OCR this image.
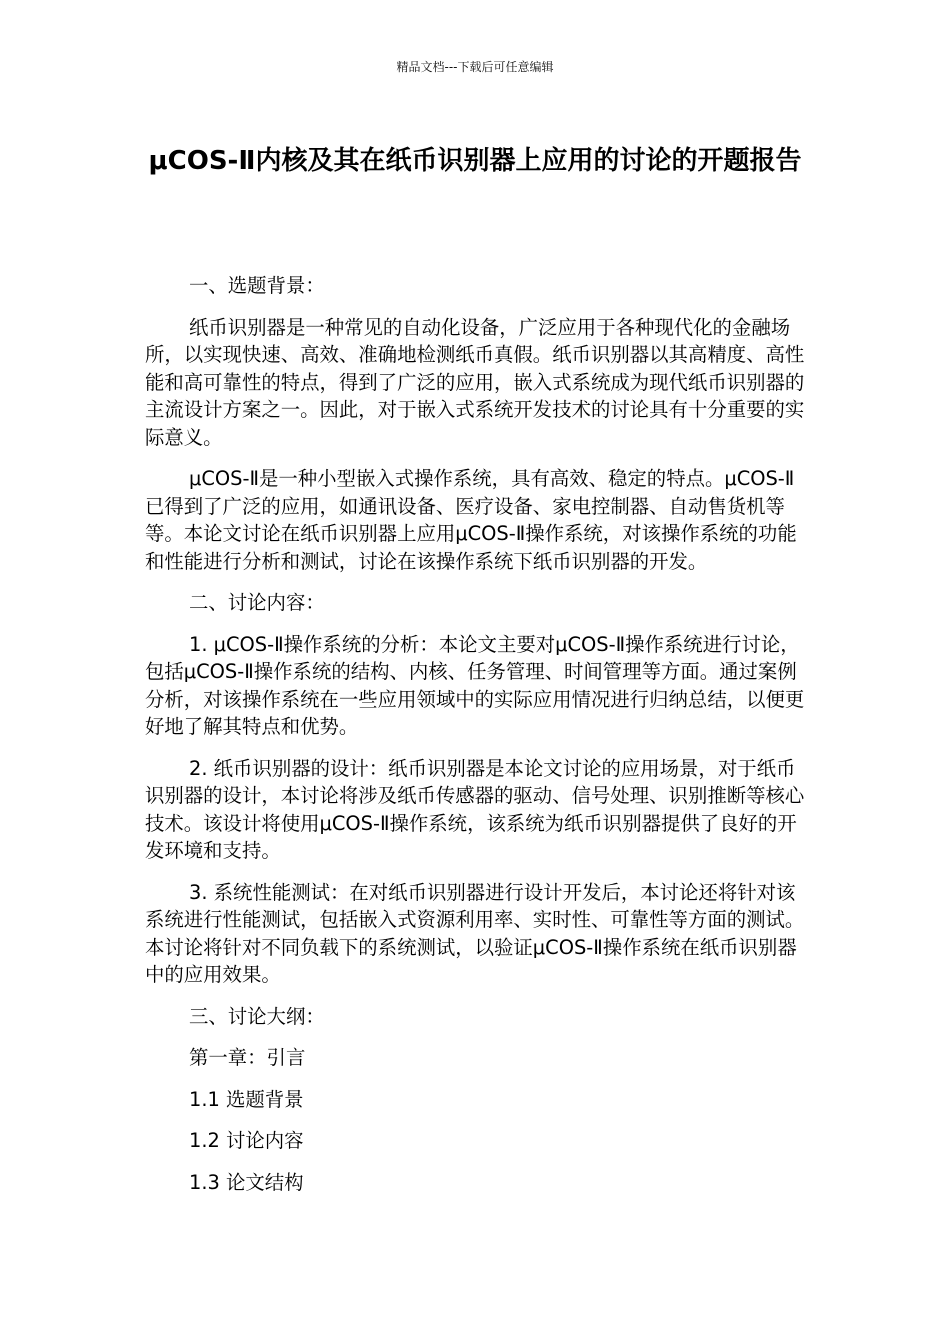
精品文档---下载后可任意编辑
μCOS-Ⅱ内核及其在纸币识别器上应用的讨论的开题报告

一、选题背景：

纸币识别器是一种常见的自动化设备，广泛应用于各种现代化的金融场所，以实现快速、高效、准确地检测纸币真假。纸币识别器以其高精度、高性能和高可靠性的特点，得到了广泛的应用，嵌入式系统成为现代纸币识别器的主流设计方案之一。因此，对于嵌入式系统开发技术的讨论具有十分重要的实际意义。

μCOS-Ⅱ是一种小型嵌入式操作系统，具有高效、稳定的特点。μCOS-Ⅱ已得到了广泛的应用，如通讯设备、医疗设备、家电控制器、自动售货机等等。本论文讨论在纸币识别器上应用μCOS-Ⅱ操作系统，对该操作系统的功能和性能进行分析和测试，讨论在该操作系统下纸币识别器的开发。

二、讨论内容：

1. μCOS-Ⅱ操作系统的分析：本论文主要对μCOS-Ⅱ操作系统进行讨论，包括μCOS-Ⅱ操作系统的结构、内核、任务管理、时间管理等方面。通过案例分析，对该操作系统在一些应用领域中的实际应用情况进行归纳总结，以便更好地了解其特点和优势。

2. 纸币识别器的设计：纸币识别器是本论文讨论的应用场景，对于纸币识别器的设计，本讨论将涉及纸币传感器的驱动、信号处理、识别推断等核心技术。该设计将使用μCOS-Ⅱ操作系统，该系统为纸币识别器提供了良好的开发环境和支持。

3. 系统性能测试：在对纸币识别器进行设计开发后，本讨论还将针对该系统进行性能测试，包括嵌入式资源利用率、实时性、可靠性等方面的测试。本讨论将针对不同负载下的系统测试，以验证μCOS-Ⅱ操作系统在纸币识别器中的应用效果。

三、讨论大纲：

第一章：引言

1.1 选题背景

1.2 讨论内容

1.3 论文结构
